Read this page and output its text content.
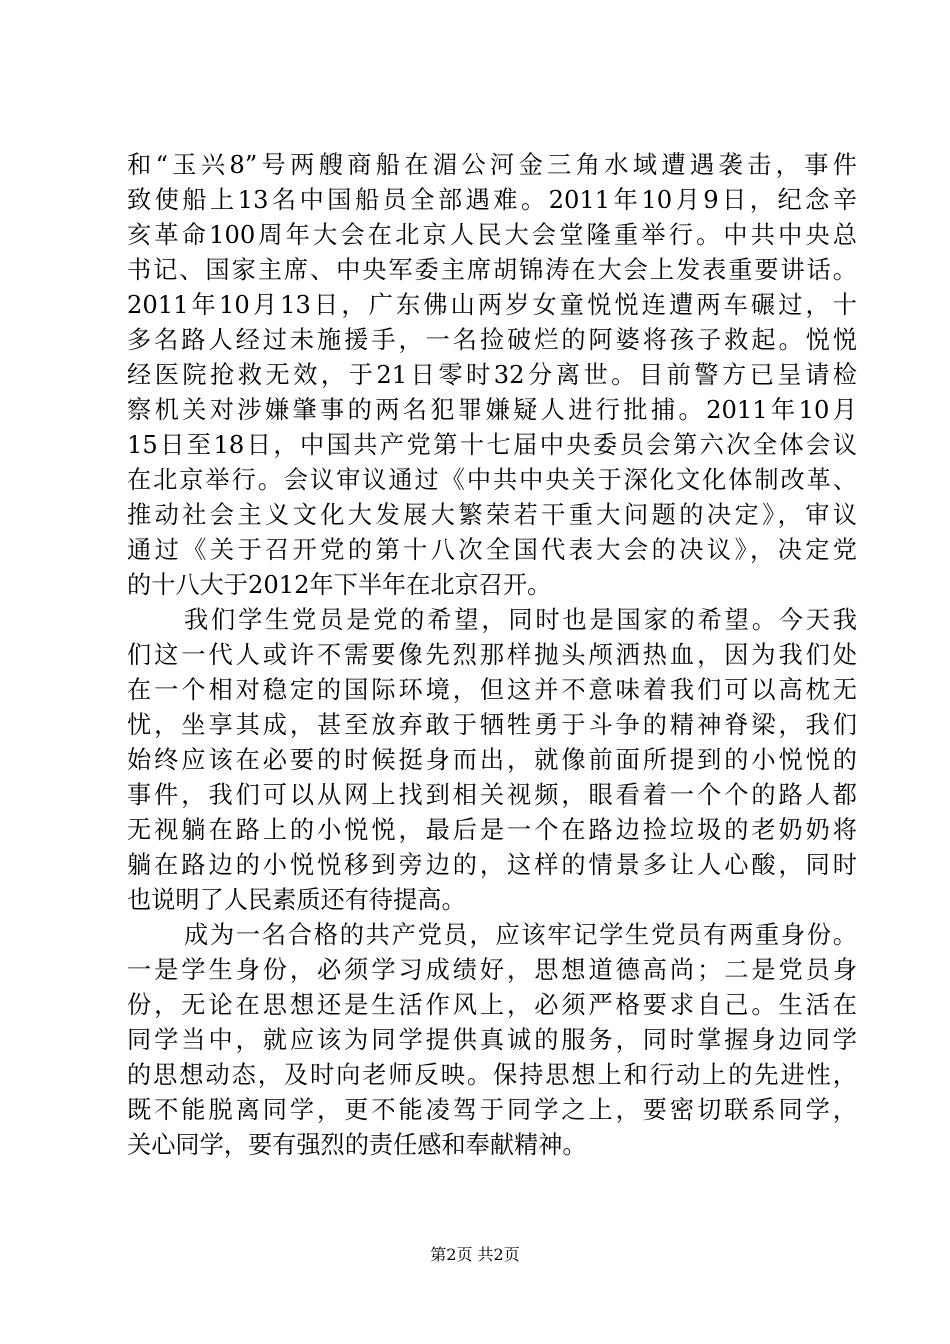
和“玉兴8”号两艘商船在湄公河金三角水域遭遇袭击，事件
致使船上13名中国船员全部遇难。2011年10月9日，纪念辛
亥革命100周年大会在北京人民大会堂隆重举行。中共中央总
书记、国家主席、中央军委主席胡锦涛在大会上发表重要讲话。
2011年10月13日，广东佛山两岁女童悦悦连遭两车碾过，十
多名路人经过未施援手，一名捡破烂的阿婆将孩子救起。悦悦
经医院抢救无效，于21日零时32分离世。目前警方已呈请检
察机关对涉嫌肇事的两名犯罪嫌疑人进行批捕。2011年10月
15日至18日，中国共产党第十七届中央委员会第六次全体会议
在北京举行。会议审议通过《中共中央关于深化文化体制改革、
推动社会主义文化大发展大繁荣若干重大问题的决定》，审议
通过《关于召开党的第十八次全国代表大会的决议》，决定党
的十八大于2012年下半年在北京召开。
我们学生党员是党的希望，同时也是国家的希望。今天我
们这一代人或许不需要像先烈那样抛头颅洒热血，因为我们处
在一个相对稳定的国际环境，但这并不意味着我们可以高枕无
忧，坐享其成，甚至放弃敢于牺牲勇于斗争的精神脊梁，我们
始终应该在必要的时候挺身而出，就像前面所提到的小悦悦的
事件，我们可以从网上找到相关视频，眼看着一个个的路人都
无视躺在路上的小悦悦，最后是一个在路边捡垃圾的老奶奶将
躺在路边的小悦悦移到旁边的，这样的情景多让人心酸，同时
也说明了人民素质还有待提高。
成为一名合格的共产党员，应该牢记学生党员有两重身份。
一是学生身份，必须学习成绩好，思想道德高尚；二是党员身
份，无论在思想还是生活作风上，必须严格要求自己。生活在
同学当中，就应该为同学提供真诚的服务，同时掌握身边同学
的思想动态，及时向老师反映。保持思想上和行动上的先进性，
既不能脱离同学，更不能凌驾于同学之上，要密切联系同学，
关心同学，要有强烈的责任感和奉献精神。
第2页 共2页
